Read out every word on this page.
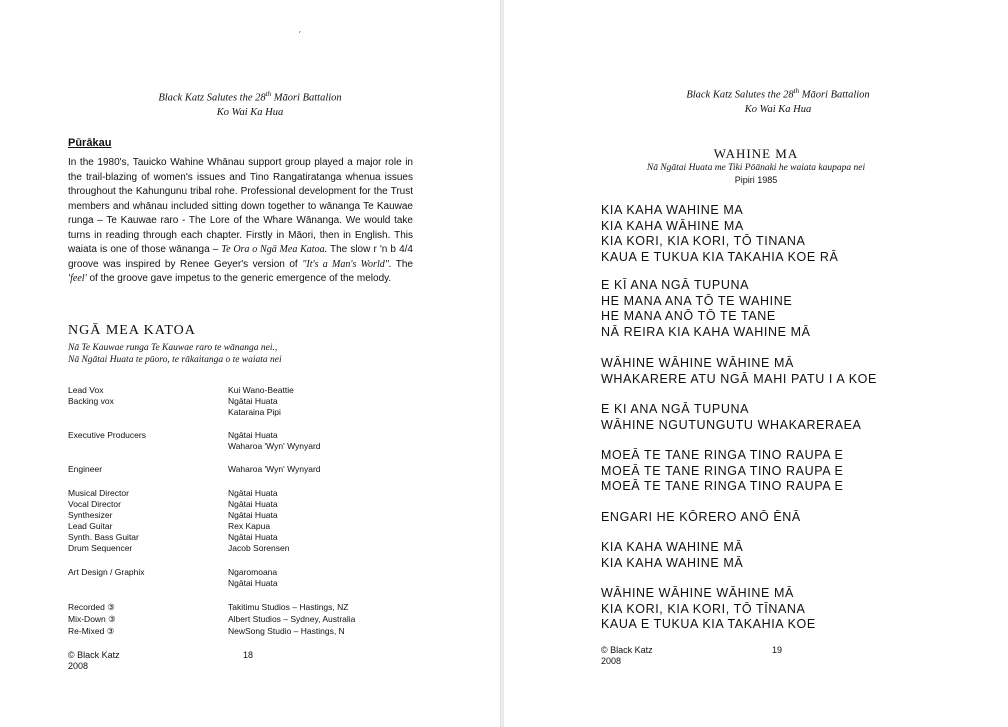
′
Black Katz Salutes the 28th Māori Battalion
Ko Wai Ka Hua
Pūrākau

In the 1980's, Tauicko Wahine Whānau support group played a major role in the trail-blazing of women's issues and Tino Rangatiratanga whenua issues throughout the Kahungunu tribal rohe. Professional development for the Trust members and whānau included sitting down together to wānanga Te Kauwae runga – Te Kauwae raro - The Lore of the Whare Wānanga. We would take turns in reading through each chapter. Firstly in Māori, then in English. This waiata is one of those wānanga – Te Ora o Ngā Mea Katoa. The slow r 'n b 4/4 groove was inspired by Renee Geyer's version of "It's a Man's World". The 'feel' of the groove gave impetus to the generic emergence of the melody.

NGĀ MEA KATOA
Nā Te Kauwae runga Te Kauwae raro te wānanga nei.,
Nā Ngātai Huata te pūoro, te rākaitanga o te waiata nei
Lead Vox	Kui Wano-Beattie
Backing vox	Ngātai Huata
Kataraina Pipi
Executive Producers	Ngātai Huata
Waharoa 'Wyn' Wynyard
Engineer	Waharoa 'Wyn' Wynyard
Musical Director	Ngātai Huata
Vocal Director	Ngātai Huata
Synthesizer	Ngātai Huata
Lead Guitar	Rex Kapua
Synth. Bass Guitar	Ngātai Huata
Drum Sequencer	Jacob Sorensen
Art Design / Graphix	Ngaromoana
Ngātai Huata
Recorded ③	Takitimu Studios – Hastings, NZ
Mix-Down ③	Albert Studios – Sydney, Australia
Re-Mixed ③	NewSong Studio – Hastings, N
© Black Katz
2008
18
Black Katz Salutes the 28th Māori Battalion
Ko Wai Ka Hua
WAHINE MA
Nā Ngātai Huata me Tiki Pōānaki he waiata kaupapa nei
Pipiri 1985
KIA KAHA WAHINE MA
KIA KAHA WĀHINE MA
KIA KORI, KIA KORI, TŌ TINANA
KAUA E TUKUA KIA TAKAHIA KOE RĀ
E KĪ ANA NGĀ TUPUNA
HE MANA ANA TŌ TE WAHINE
HE MANA ANŌ TŌ TE TANE
NĀ REIRA KIA KAHA WAHINE MĀ
WĀHINE WĀHINE WĀHINE MĀ
WHAKARERE ATU NGĀ MAHI PATU I A KOE
E KI ANA NGĀ TUPUNA
WĀHINE NGUTUNGUTU WHAKARERAEA
MOEĀ TE TANE RINGA TINO RAUPA E
MOEĀ TE TANE RINGA TINO RAUPA E
MOEĀ TE TANE RINGA TINO RAUPA E
ENGARI HE KŌRERO ANŌ ĒNĀ
KIA KAHA WAHINE MĀ
KIA KAHA WAHINE MĀ
WĀHINE WĀHINE WĀHINE MĀ
KIA KORI, KIA KORI, TŌ TĪNANA
KAUA E TUKUA KIA TAKAHIA KOE
© Black Katz
2008
19
